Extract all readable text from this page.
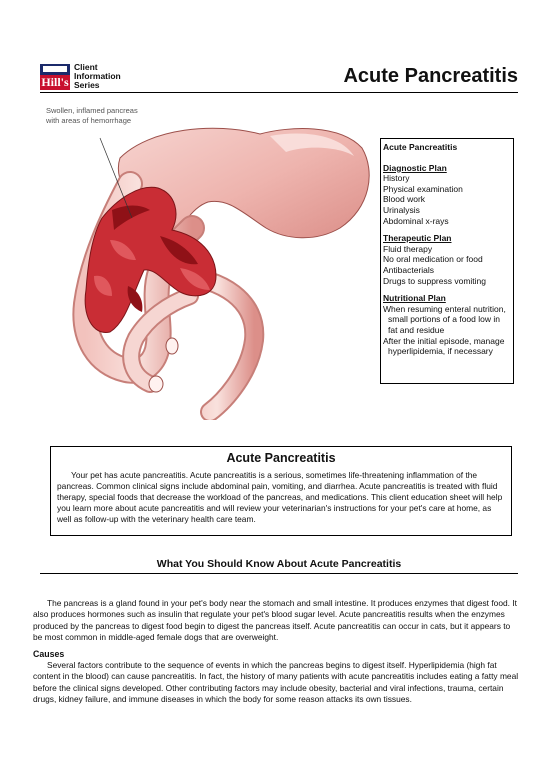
Hill's
Client
Information
Series	Acute Pancreatitis
Swollen, inflamed pancreas
with areas of hemorrhage
Acute Pancreatitis
Diagnostic Plan
History
Physical examination
Blood work
Urinalysis
Abdominal x-rays
Therapeutic Plan
Fluid therapy
No oral medication or food
Antibacterials
Drugs to suppress vomiting
Nutritional Plan
When resuming enteral nutrition, small portions of a food low in fat and residue
After the initial episode, manage hyperlipidemia, if necessary
Acute Pancreatitis

Your pet has acute pancreatitis. Acute pancreatitis is a serious, sometimes life-threatening inflammation of the pancreas. Common clinical signs include abdominal pain, vomiting, and diarrhea. Acute pancreatitis is treated with fluid therapy, special foods that decrease the workload of the pancreas, and medications. This client education sheet will help you learn more about acute pancreatitis and will review your veterinarian's instructions for your pet's care at home, as well as follow-up with the veterinary health care team.

What You Should Know About Acute Pancreatitis

The pancreas is a gland found in your pet's body near the stomach and small intestine. It produces enzymes that digest food. It also produces hormones such as insulin that regulate your pet's blood sugar level. Acute pancreatitis results when the enzymes produced by the pancreas to digest food begin to digest the pancreas itself. Acute pancreatitis can occur in cats, but it appears to be most common in middle-aged female dogs that are overweight.

Causes

Several factors contribute to the sequence of events in which the pancreas begins to digest itself. Hyperlipidemia (high fat content in the blood) can cause pancreatitis. In fact, the history of many patients with acute pancreatitis includes eating a fatty meal before the clinical signs developed. Other contributing factors may include obesity, bacterial and viral infections, trauma, certain drugs, kidney failure, and immune diseases in which the body for some reason attacks its own tissues.
